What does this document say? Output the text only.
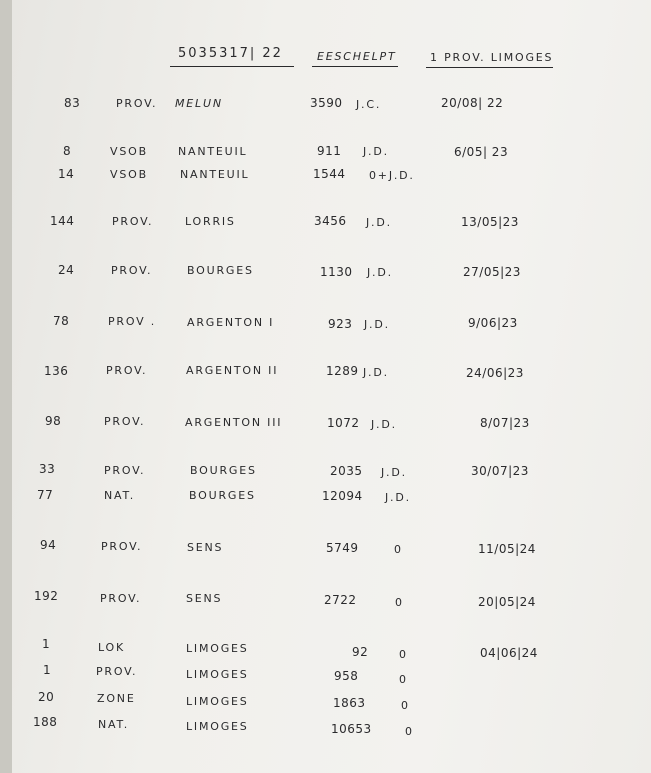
5035317| 22	EESCHELPT	1 PROV. LIMOGES
83	PROV. MELUN	3590 J.C.	20/08| 22
8	VSOB	NANTEUIL	911 J.D.	6/05| 23
14	VSOB	NANTEUIL	1544 0+J.D.
144	PROV.	LORRIS	3456 J.D.	13/05|23
24	PROV.	BOURGES	1130 J.D.	27/05|23
78	PROV .	ARGENTON I	923 J.D.	9/06|23
136	PROV.	ARGENTON II	1289 J.D.	24/06|23
98	PROV.	ARGENTON III	1072 J.D.	8/07|23
33	PROV.	BOURGES	2035 J.D.	30/07|23
77	NAT.	BOURGES	12094 J.D.
94	PROV.	SENS	5749	0	11/05|24
192	PROV.	SENS	2722	0	20|05|24
1	LOK	LIMOGES	92	0	04|06|24
1	PROV.	LIMOGES	958	0
20	ZONE	LIMOGES	1863	0
188	NAT.	LIMOGES	10653	0
